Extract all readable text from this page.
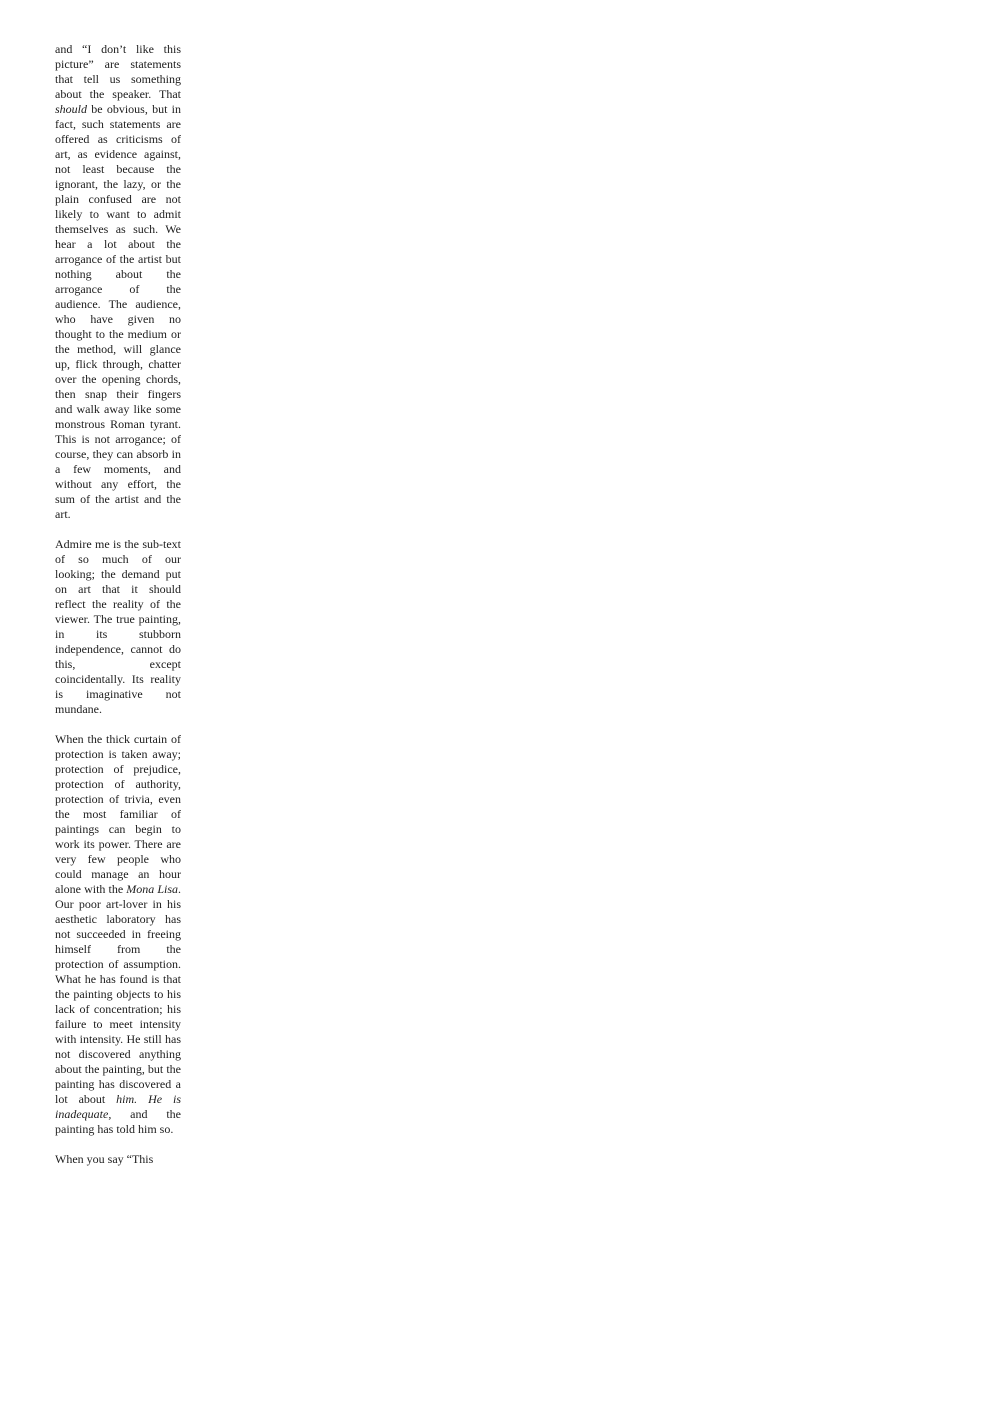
and “I don’t like this picture” are statements that tell us something about the speaker. That should be obvious, but in fact, such statements are offered as criticisms of art, as evidence against, not least because the ignorant, the lazy, or the plain confused are not likely to want to admit themselves as such. We hear a lot about the arrogance of the artist but nothing about the arrogance of the audience. The audience, who have given no thought to the medium or the method, will glance up, flick through, chatter over the opening chords, then snap their fingers and walk away like some monstrous Roman tyrant. This is not arrogance; of course, they can absorb in a few moments, and without any effort, the sum of the artist and the art.

Admire me is the sub-text of so much of our looking; the demand put on art that it should reflect the reality of the viewer. The true painting, in its stubborn independence, cannot do this, except coincidentally. Its reality is imaginative not mundane.

When the thick curtain of protection is taken away; protection of prejudice, protection of authority, protection of trivia, even the most familiar of paintings can begin to work its power. There are very few people who could manage an hour alone with the Mona Lisa. Our poor art-lover in his aesthetic laboratory has not succeeded in freeing himself from the protection of assumption. What he has found is that the painting objects to his lack of concentration; his failure to meet intensity with intensity. He still has not discovered anything about the painting, but the painting has discovered a lot about him. He is inadequate, and the painting has told him so.

When you say “This
